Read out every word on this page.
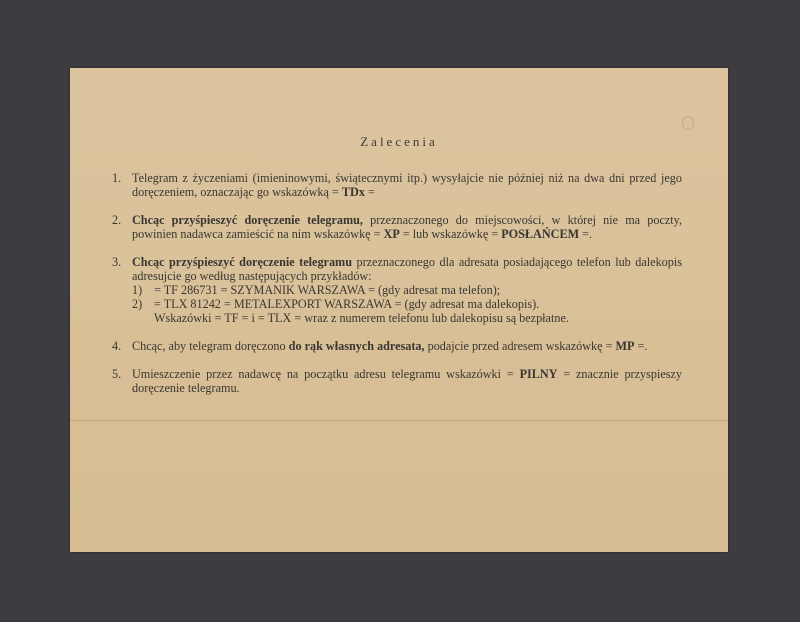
Zalecenia
1. Telegram z życzeniami (imieninowymi, świątecznymi itp.) wysyłajcie nie później niż na dwa dni przed jego doręczeniem, oznaczając go wskazówką = TDx =
2. Chcąc przyśpieszyć doręczenie telegramu, przeznaczonego do miejscowości, w której nie ma poczty, powinien nadawca zamieścić na nim wskazówkę = XP = lub wskazówkę = POSŁAŃCEM =.
3. Chcąc przyśpieszyć doręczenie telegramu przeznaczonego dla adresata posiadającego telefon lub dalekopis adresujcie go według następujących przykładów:
1) = TF 286731 = SZYMANIK WARSZAWA = (gdy adresat ma telefon);
2) = TLX 81242 = METALEXPORT WARSZAWA = (gdy adresat ma dalekopis).
Wskazówki = TF = i = TLX = wraz z numerem telefonu lub dalekopisu są bezpłatne.
4. Chcąc, aby telegram doręczono do rąk własnych adresata, podajcie przed adresem wskazówkę = MP =.
5. Umieszczenie przez nadawcę na początku adresu telegramu wskazówki = PILNY = znacznie przyspieszy doręczenie telegramu.
